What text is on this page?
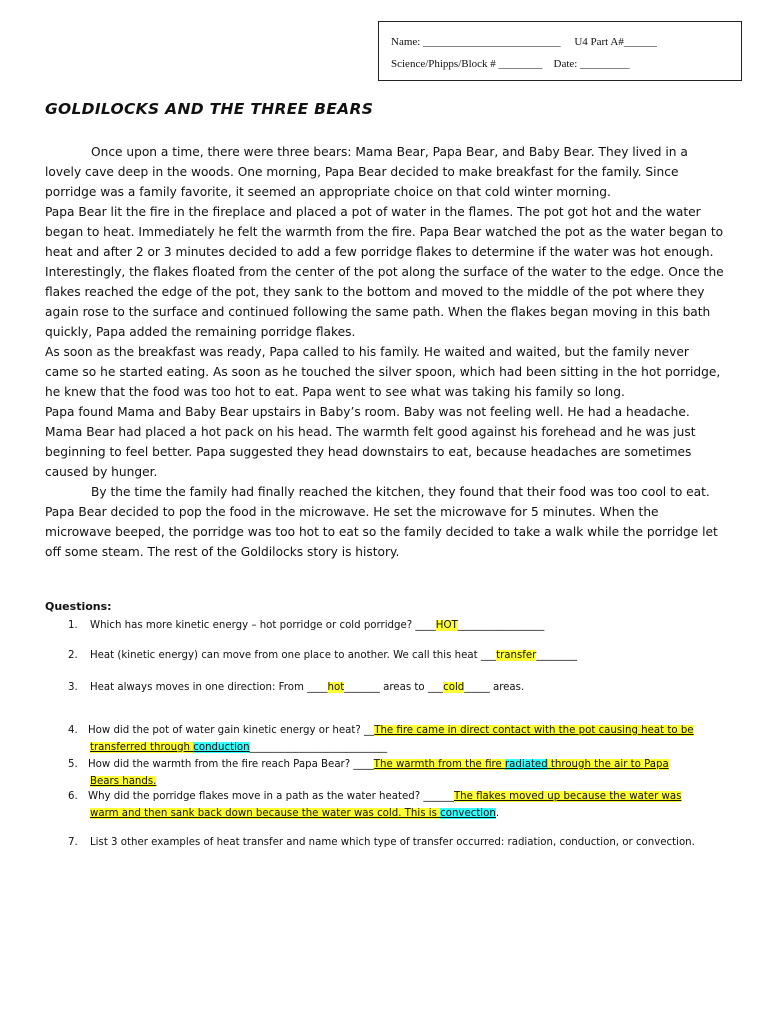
Name: _________________________     U4 Part A#______
Science/Phipps/Block # ________    Date: _________
GOLDILOCKS AND THE THREE BEARS

Once upon a time, there were three bears: Mama Bear, Papa Bear, and Baby Bear. They lived in a lovely cave deep in the woods. One morning, Papa Bear decided to make breakfast for the family. Since porridge was a family favorite, it seemed an appropriate choice on that cold winter morning.

Papa Bear lit the fire in the fireplace and placed a pot of water in the flames. The pot got hot and the water began to heat. Immediately he felt the warmth from the fire. Papa Bear watched the pot as the water began to heat and after 2 or 3 minutes decided to add a few porridge flakes to determine if the water was hot enough. Interestingly, the flakes floated from the center of the pot along the surface of the water to the edge. Once the flakes reached the edge of the pot, they sank to the bottom and moved to the middle of the pot where they again rose to the surface and continued following the same path. When the flakes began moving in this bath quickly, Papa added the remaining porridge flakes.

As soon as the breakfast was ready, Papa called to his family. He waited and waited, but the family never came so he started eating. As soon as he touched the silver spoon, which had been sitting in the hot porridge, he knew that the food was too hot to eat. Papa went to see what was taking his family so long.

Papa found Mama and Baby Bear upstairs in Baby’s room. Baby was not feeling well. He had a headache. Mama Bear had placed a hot pack on his head. The warmth felt good against his forehead and he was just beginning to feel better. Papa suggested they head downstairs to eat, because headaches are sometimes caused by hunger.

By the time the family had finally reached the kitchen, they found that their food was too cool to eat. Papa Bear decided to pop the food in the microwave. He set the microwave for 5 minutes. When the microwave beeped, the porridge was too hot to eat so the family decided to take a walk while the porridge let off some steam. The rest of the Goldilocks story is history.

Questions:
1. Which has more kinetic energy – hot porridge or cold porridge? ____HOT_________________
2. Heat (kinetic energy) can move from one place to another. We call this heat ___transfer________
3. Heat always moves in one direction: From ____hot_______ areas to ___cold_____ areas.
4. How did the pot of water gain kinetic energy or heat? __The fire came in direct contact with the pot causing heat to be
transferred through conduction___________________________
5. How did the warmth from the fire reach Papa Bear? ____The warmth from the fire radiated through the air to Papa
Bears hands.
6. Why did the porridge flakes move in a path as the water heated? ______The flakes moved up because the water was
warm and then sank back down because the water was cold. This is convection.
7. List 3 other examples of heat transfer and name which type of transfer occurred: radiation, conduction, or convection.
